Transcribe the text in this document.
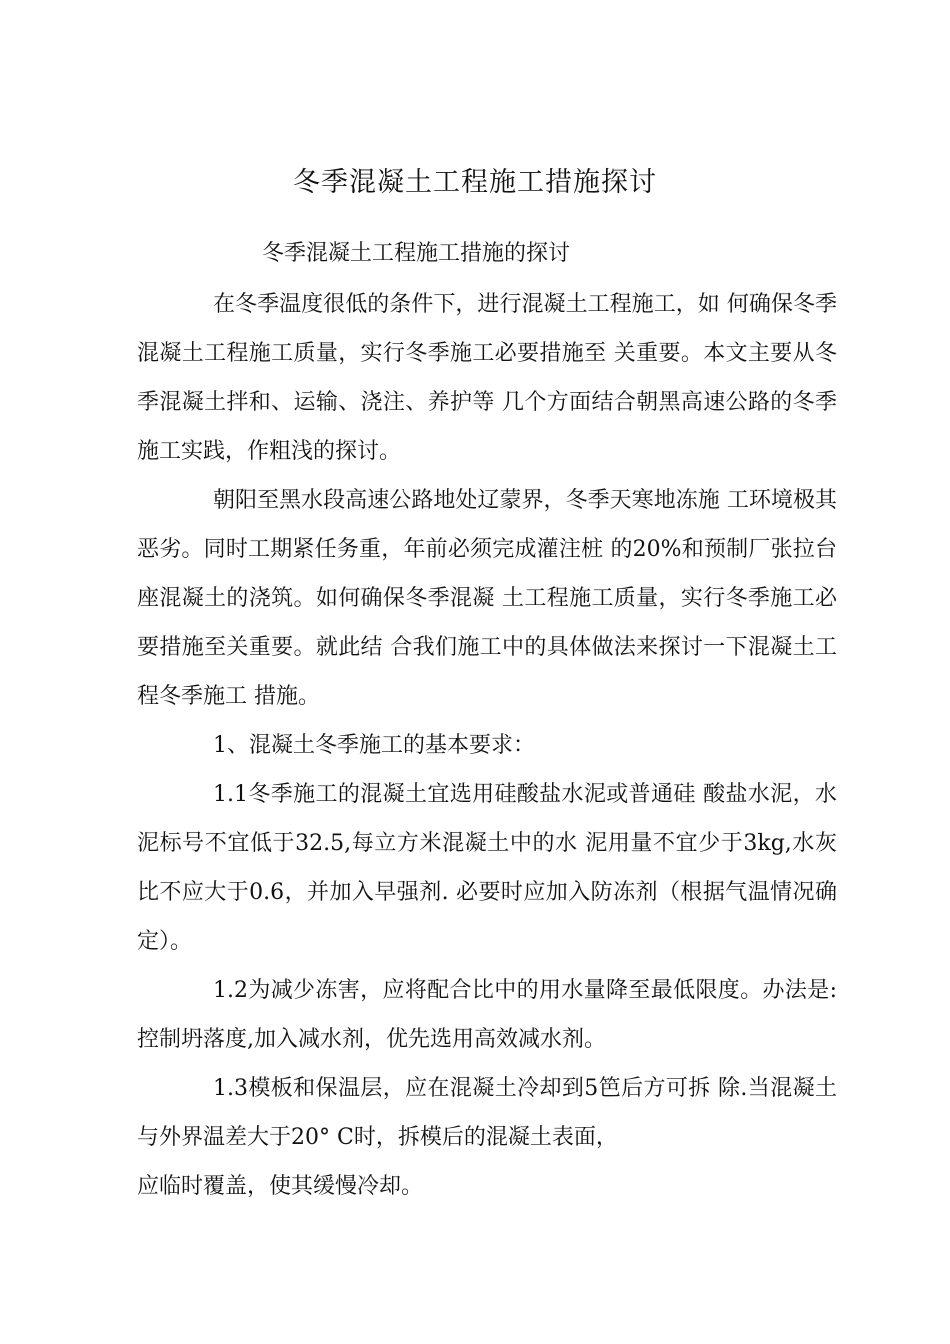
冬季混凝土工程施工措施探讨
冬季混凝土工程施工措施的探讨

在冬季温度很低的条件下，进行混凝土工程施工，如 何确保冬季混凝土工程施工质量，实行冬季施工必要措施至 关重要。本文主要从冬季混凝土拌和、运输、浇注、养护等 几个方面结合朝黑高速公路的冬季施工实践，作粗浅的探讨。

朝阳至黑水段高速公路地处辽蒙界，冬季天寒地冻施 工环境极其恶劣。同时工期紧任务重，年前必须完成灌注桩 的20%和预制厂张拉台座混凝土的浇筑。如何确保冬季混凝 土工程施工质量，实行冬季施工必要措施至关重要。就此结 合我们施工中的具体做法来探讨一下混凝土工程冬季施工 措施。

1、混凝土冬季施工的基本要求：

1.1冬季施工的混凝土宜选用硅酸盐水泥或普通硅 酸盐水泥，水泥标号不宜低于32.5,每立方米混凝土中的水 泥用量不宜少于3kg,水灰比不应大于0.6，并加入早强剂. 必要时应加入防冻剂（根据气温情况确定）。

1.2为减少冻害，应将配合比中的用水量降至最低限度。办法是:控制坍落度,加入减水剂，优先选用高效减水剂。

1.3模板和保温层，应在混凝土冷却到5笆后方可拆 除.当混凝土与外界温差大于20° C时，拆模后的混凝土表面，

应临时覆盖，使其缓慢冷却。
